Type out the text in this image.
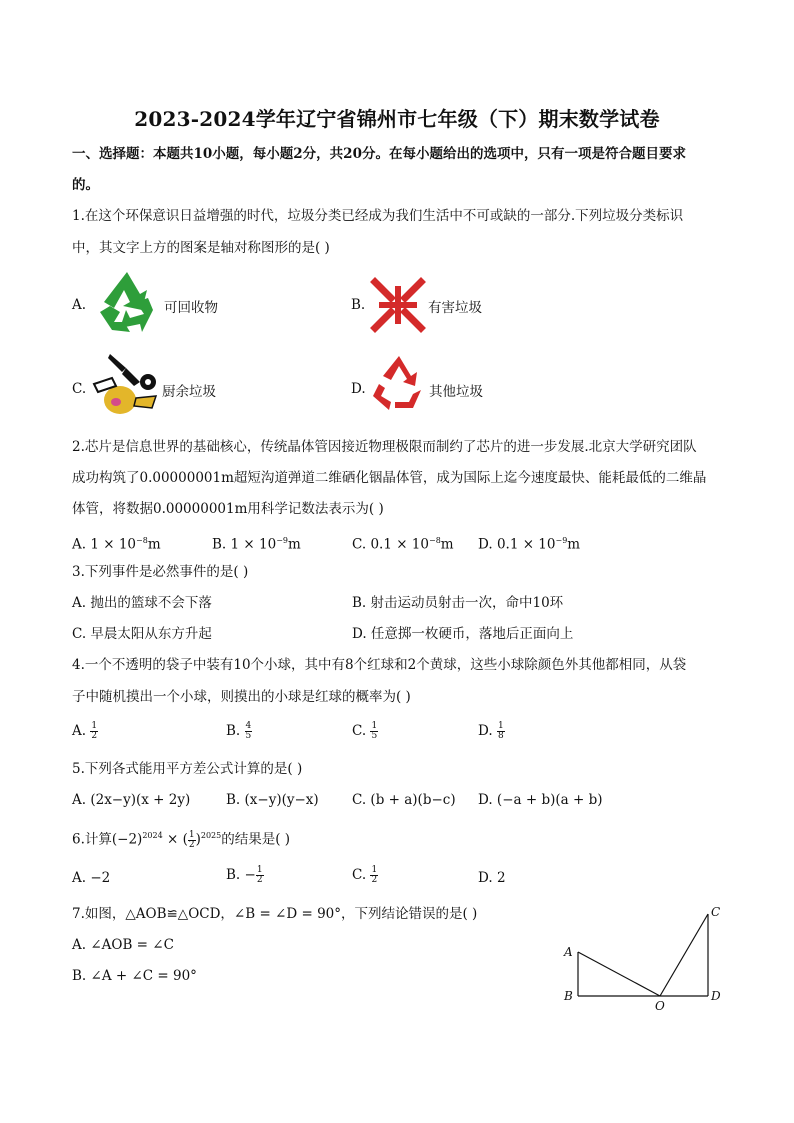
2023-2024学年辽宁省锦州市七年级（下）期末数学试卷
一、选择题：本题共10小题，每小题2分，共20分。在每小题给出的选项中，只有一项是符合题目要求
的。
1.在这个环保意识日益增强的时代，垃圾分类已经成为我们生活中不可或缺的一部分.下列垃圾分类标识
中，其文字上方的图案是轴对称图形的是( )
A.	可回收物	B.	有害垃圾
C.	厨余垃圾	D.	其他垃圾
2.芯片是信息世界的基础核心，传统晶体管因接近物理极限而制约了芯片的进一步发展.北京大学研究团队
成功构筑了0.00000001m超短沟道弹道二维硒化铟晶体管，成为国际上迄今速度最快、能耗最低的二维晶
体管，将数据0.00000001m用科学记数法表示为( )
A. $1 \times 10^{-8}m$	B. $1 \times 10^{-9}m$	C. $0.1 \times 10^{-8}m$ D. $0.1 \times 10^{-9}m$
3.下列事件是必然事件的是( )
A. 抛出的篮球不会下落	B. 射击运动员射击一次，命中10环
C. 早晨太阳从东方升起	D. 任意掷一枚硬币，落地后正面向上
4.一个不透明的袋子中装有10个小球，其中有8个红球和2个黄球，这些小球除颜色外其他都相同，从袋
子中随机摸出一个小球，则摸出的小球是红球的概率为( )
A. $\frac{1}{2}$	B. $\frac{4}{5}$	C. $\frac{1}{5}$	D. $\frac{1}{8}$
5.下列各式能用平方差公式计算的是( )
A. (2x−y)(x + 2y)	B. (x−y)(y−x) C. (b + a)(b−c) D. (−a + b)(a + b)
6.计算$(-2)^{2024}$ × ( $\frac{1}{2} )^{2025}$的结果是( )
A. −2	B. − $\frac{1}{2}$	C. $\frac{1}{2}$	D. 2
7.如图，△AOB≌△OCD，∠B = ∠D = 90°，下列结论错误的是( )
A. ∠AOB = ∠C
B. ∠A + ∠C = 90°
A
B
O
C
D
